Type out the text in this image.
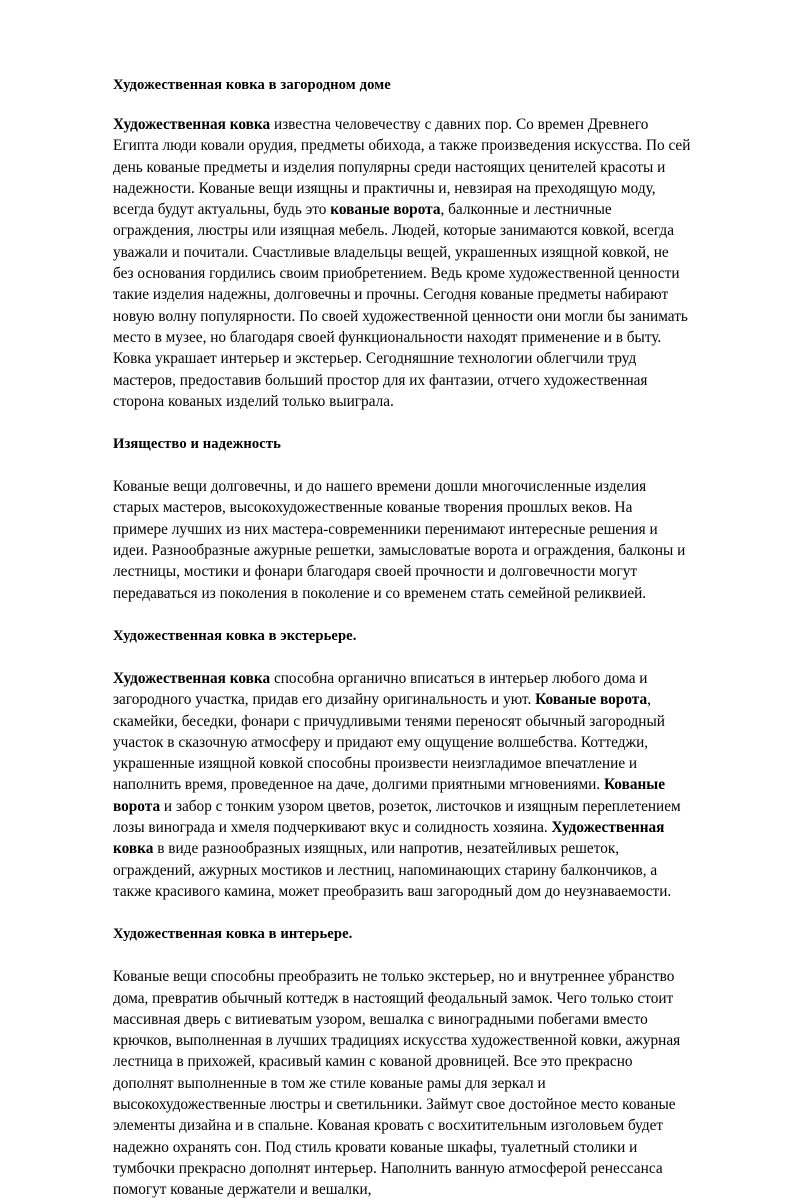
Художественная ковка в загородном доме

Художественная ковка известна человечеству с давних пор. Со времен Древнего Египта люди ковали орудия, предметы обихода, а также произведения искусства. По сей день кованые предметы и изделия популярны среди настоящих ценителей красоты и надежности. Кованые вещи изящны и практичны и, невзирая на преходящую моду, всегда будут актуальны, будь это кованые ворота, балконные и лестничные ограждения, люстры или изящная мебель. Людей, которые занимаются ковкой, всегда уважали и почитали. Счастливые владельцы вещей, украшенных изящной ковкой, не без основания гордились своим приобретением. Ведь кроме художественной ценности такие изделия надежны, долговечны и прочны. Сегодня кованые предметы набирают новую волну популярности. По своей художественной ценности они могли бы занимать место в музее, но благодаря своей функциональности находят применение и в быту. Ковка украшает интерьер и экстерьер. Сегодняшние технологии облегчили труд мастеров, предоставив больший простор для их фантазии, отчего художественная сторона кованых изделий только выиграла.

Изящество и надежность

Кованые вещи долговечны, и до нашего времени дошли многочисленные изделия старых мастеров, высокохудожественные кованые творения прошлых веков. На примере лучших из них мастера-современники перенимают интересные решения и идеи. Разнообразные ажурные решетки, замысловатые ворота и ограждения, балконы и лестницы, мостики и фонари благодаря своей прочности и долговечности могут передаваться из поколения в поколение и со временем стать семейной реликвией.

Художественная ковка в экстерьере.

Художественная ковка способна органично вписаться в интерьер любого дома и загородного участка, придав его дизайну оригинальность и уют. Кованые ворота, скамейки, беседки, фонари с причудливыми тенями переносят обычный загородный участок в сказочную атмосферу и придают ему ощущение волшебства. Коттеджи, украшенные изящной ковкой способны произвести неизгладимое впечатление и наполнить время, проведенное на даче, долгими приятными мгновениями. Кованые ворота и забор с тонким узором цветов, розеток, листочков и изящным переплетением лозы винограда и хмеля подчеркивают вкус и солидность хозяина. Художественная ковка в виде разнообразных изящных, или напротив, незатейливых решеток, ограждений, ажурных мостиков и лестниц, напоминающих старину балкончиков, а также красивого камина, может преобразить ваш загородный дом до неузнаваемости.

Художественная ковка в интерьере.

Кованые вещи способны преобразить не только экстерьер, но и внутреннее убранство дома, превратив обычный коттедж в настоящий феодальный замок. Чего только стоит массивная дверь с витиеватым узором, вешалка с виноградными побегами вместо крючков, выполненная в лучших традициях искусства художественной ковки, ажурная лестница в прихожей, красивый камин с кованой дровницей. Все это прекрасно дополнят выполненные в том же стиле кованые рамы для зеркал и высокохудожественные люстры и светильники. Займут свое достойное место кованые элементы дизайна и в спальне. Кованая кровать с восхитительным изголовьем будет надежно охранять сон. Под стиль кровати кованые шкафы, туалетный столики и тумбочки прекрасно дополнят интерьер. Наполнить ванную атмосферой ренессанса помогут кованые держатели и вешалки,
